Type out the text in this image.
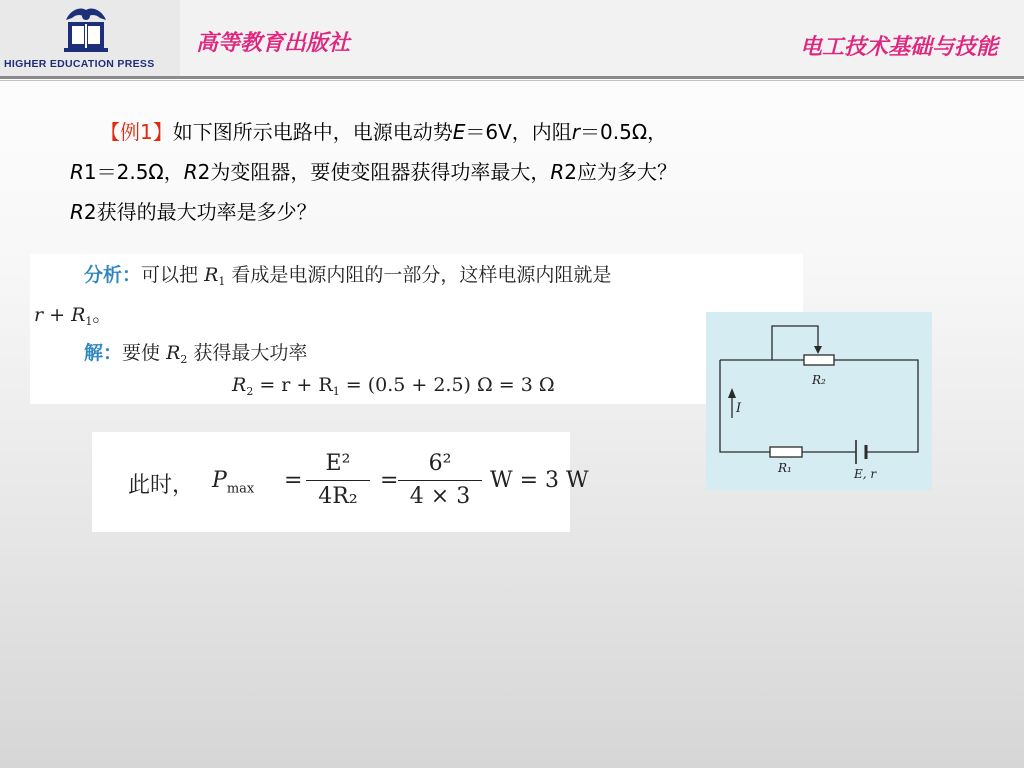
HIGHER EDUCATION PRESS
高等教育出版社	电工技术基础与技能
【例1】如下图所示电路中，电源电动势E＝6V，内阻r＝0.5Ω，
R1＝2.5Ω，R2为变阻器，要使变阻器获得功率最大，R2应为多大？
R2获得的最大功率是多少？
分析：可以把 $R_1$ 看成是电源内阻的一部分，这样电源内阻就是
$r + R_1$。
解：要使 $R_2$ 获得最大功率
$R_2 = r + R_1 = (0.5 + 2.5) \Omega = 3$ Ω
此时， $P_{max}$ =
E²
4R₂
=
6²
4 × 3
W = 3 W
R₂
R₁
I
E, r
